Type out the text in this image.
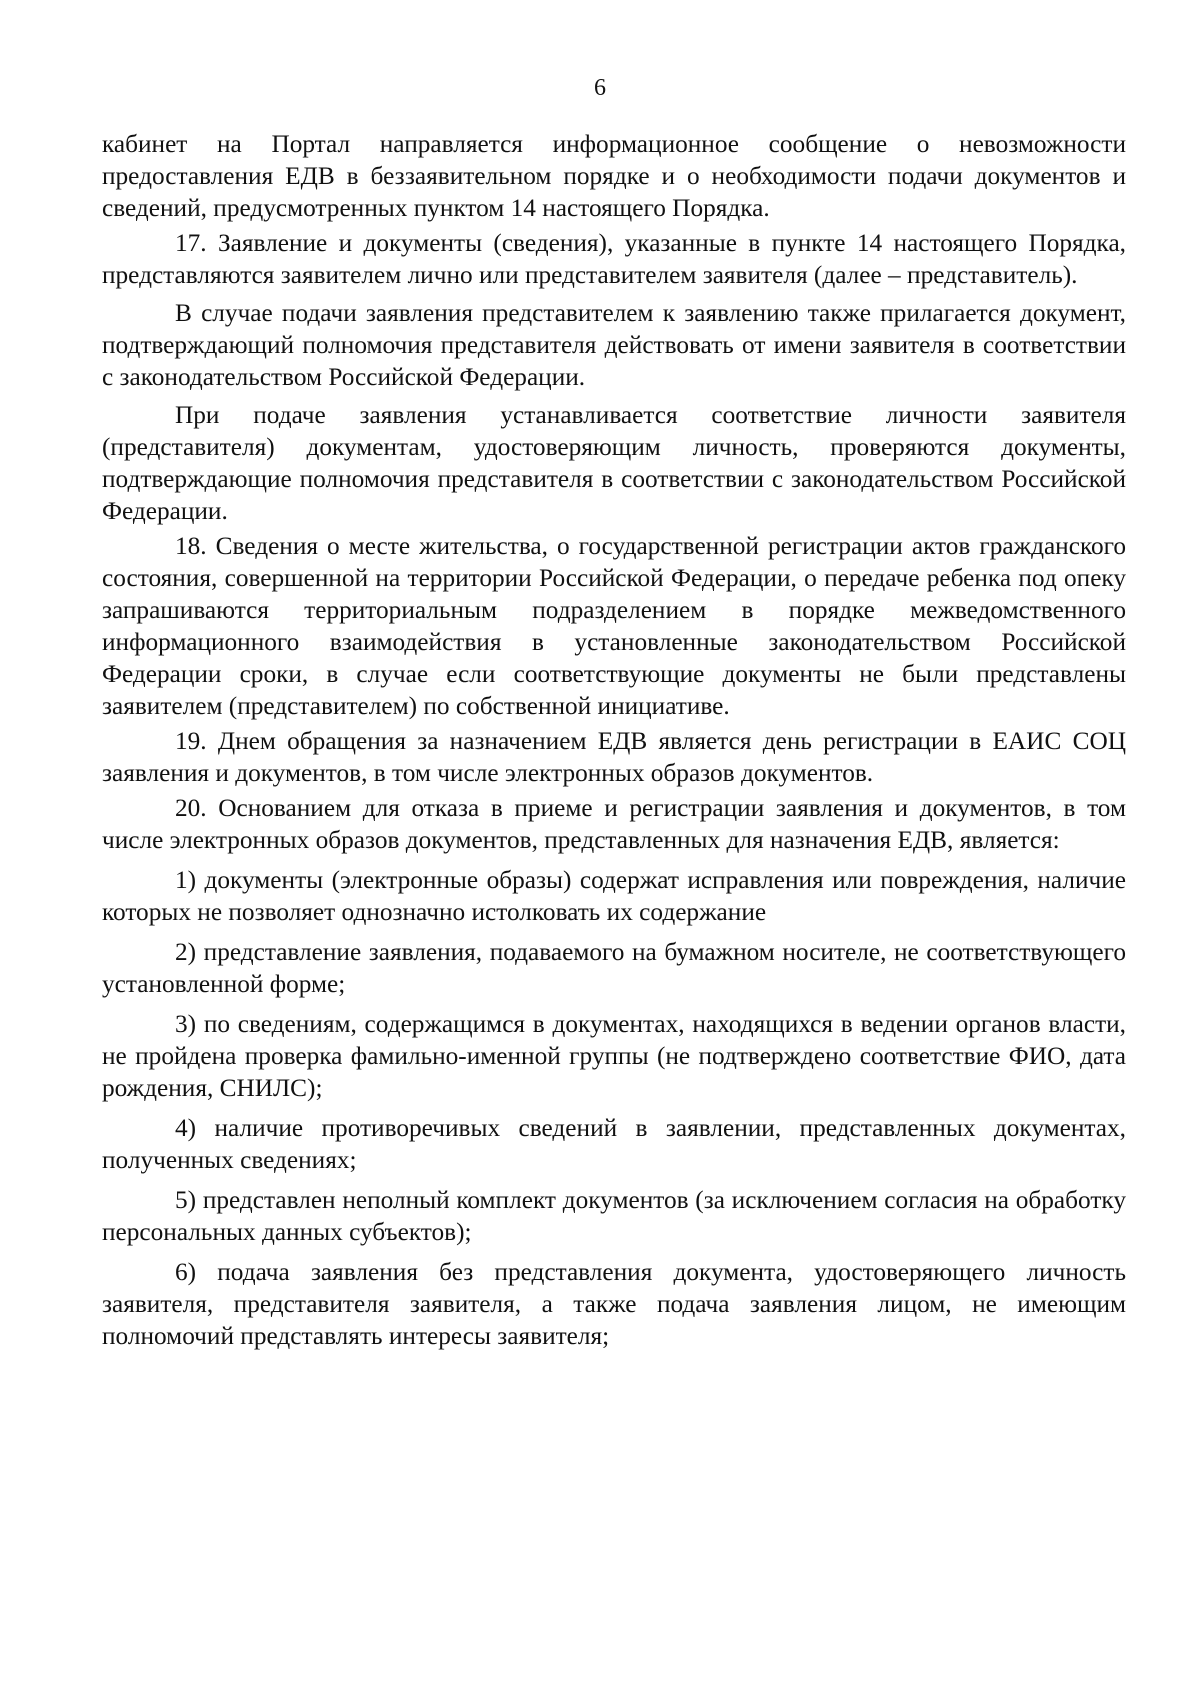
6

кабинет на Портал направляется информационное сообщение о невозможности предоставления ЕДВ в беззаявительном порядке и о необходимости подачи документов и сведений, предусмотренных пунктом 14 настоящего Порядка.

17. Заявление и документы (сведения), указанные в пункте 14 настоящего Порядка, представляются заявителем лично или представителем заявителя (далее – представитель).

В случае подачи заявления представителем к заявлению также прилагается документ, подтверждающий полномочия представителя действовать от имени заявителя в соответствии с законодательством Российской Федерации.

При подаче заявления устанавливается соответствие личности заявителя (представителя) документам, удостоверяющим личность, проверяются документы, подтверждающие полномочия представителя в соответствии с законодательством Российской Федерации.

18. Сведения о месте жительства, о государственной регистрации актов гражданского состояния, совершенной на территории Российской Федерации, о передаче ребенка под опеку запрашиваются территориальным подразделением в порядке межведомственного информационного взаимодействия в установленные законодательством Российской Федерации сроки, в случае если соответствующие документы не были представлены заявителем (представителем) по собственной инициативе.

19. Днем обращения за назначением ЕДВ является день регистрации в ЕАИС СОЦ заявления и документов, в том числе электронных образов документов.

20. Основанием для отказа в приеме и регистрации заявления и документов, в том числе электронных образов документов, представленных для назначения ЕДВ, является:

1) документы (электронные образы) содержат исправления или повреждения, наличие которых не позволяет однозначно истолковать их содержание

2) представление заявления, подаваемого на бумажном носителе, не соответствующего установленной форме;

3) по сведениям, содержащимся в документах, находящихся в ведении органов власти, не пройдена проверка фамильно-именной группы (не подтверждено соответствие ФИО, дата рождения, СНИЛС);

4) наличие противоречивых сведений в заявлении, представленных документах, полученных сведениях;

5) представлен неполный комплект документов (за исключением согласия на обработку персональных данных субъектов);

6) подача заявления без представления документа, удостоверяющего личность заявителя, представителя заявителя, а также подача заявления лицом, не имеющим полномочий представлять интересы заявителя;
